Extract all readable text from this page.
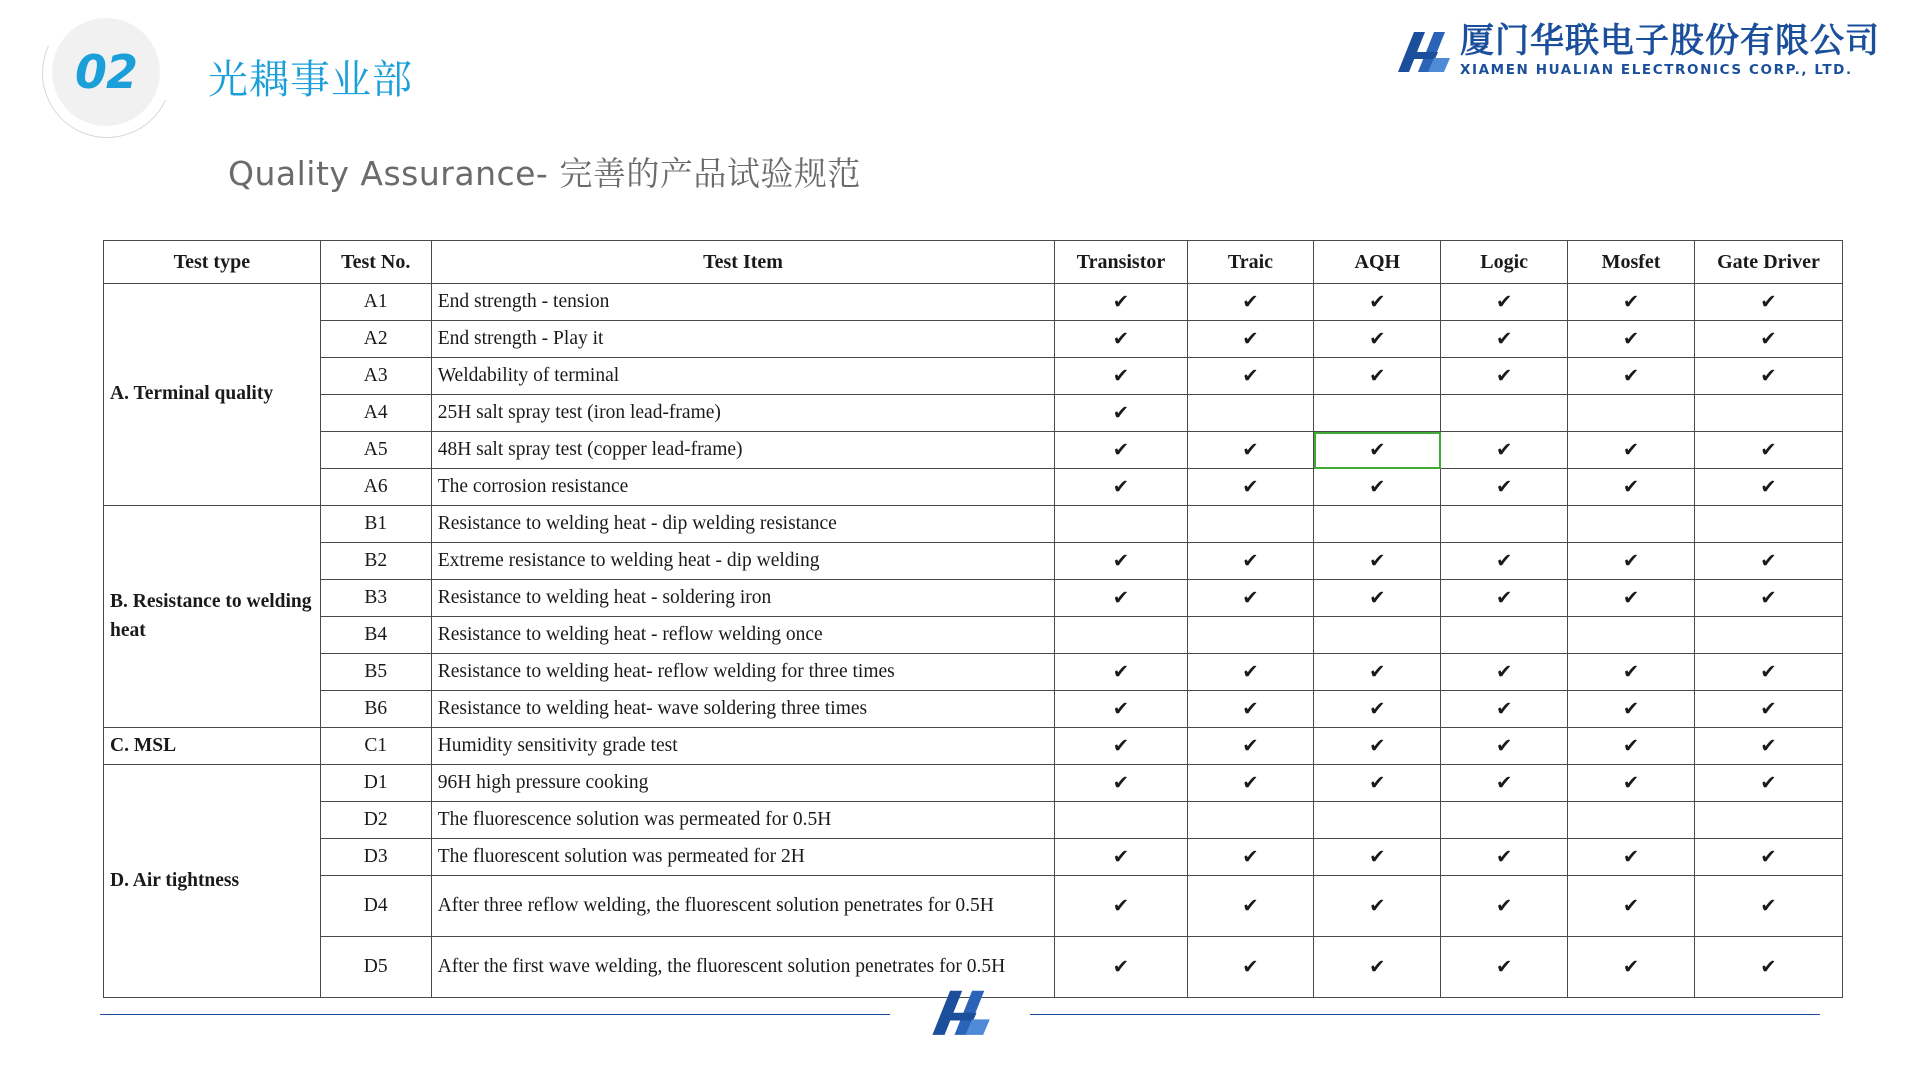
02	光耦事业部
厦门华联电子股份有限公司
XIAMEN HUALIAN ELECTRONICS CORP., LTD.
Quality Assurance- 完善的产品试验规范
Test type	Test No.	Test Item	Transistor	Traic	AQH	Logic	Mosfet	Gate Driver
A. Terminal quality	A1	End strength - tension	✔	✔	✔	✔	✔	✔
	A2	End strength - Play it	✔	✔	✔	✔	✔	✔
	A3	Weldability of terminal	✔	✔	✔	✔	✔	✔
	A4	25H salt spray test (iron lead-frame)	✔					
	A5	48H salt spray test (copper lead-frame)	✔	✔	✔	✔	✔	✔
	A6	The corrosion resistance	✔	✔	✔	✔	✔	✔
B. Resistance to welding heat	B1	Resistance to welding heat - dip welding resistance						
	B2	Extreme resistance to welding heat - dip welding	✔	✔	✔	✔	✔	✔
	B3	Resistance to welding heat - soldering iron	✔	✔	✔	✔	✔	✔
	B4	Resistance to welding heat - reflow welding once						
	B5	Resistance to welding heat- reflow welding for three times	✔	✔	✔	✔	✔	✔
	B6	Resistance to welding heat- wave soldering three times	✔	✔	✔	✔	✔	✔
C. MSL	C1	Humidity sensitivity grade test	✔	✔	✔	✔	✔	✔
D. Air tightness	D1	96H high pressure cooking	✔	✔	✔	✔	✔	✔
	D2	The fluorescence solution was permeated for 0.5H						
	D3	The fluorescent solution was permeated for 2H	✔	✔	✔	✔	✔	✔
	D4	After three reflow welding, the fluorescent solution penetrates for 0.5H	✔	✔	✔	✔	✔	✔
	D5	After the first wave welding, the fluorescent solution penetrates for 0.5H	✔	✔	✔	✔	✔	✔
